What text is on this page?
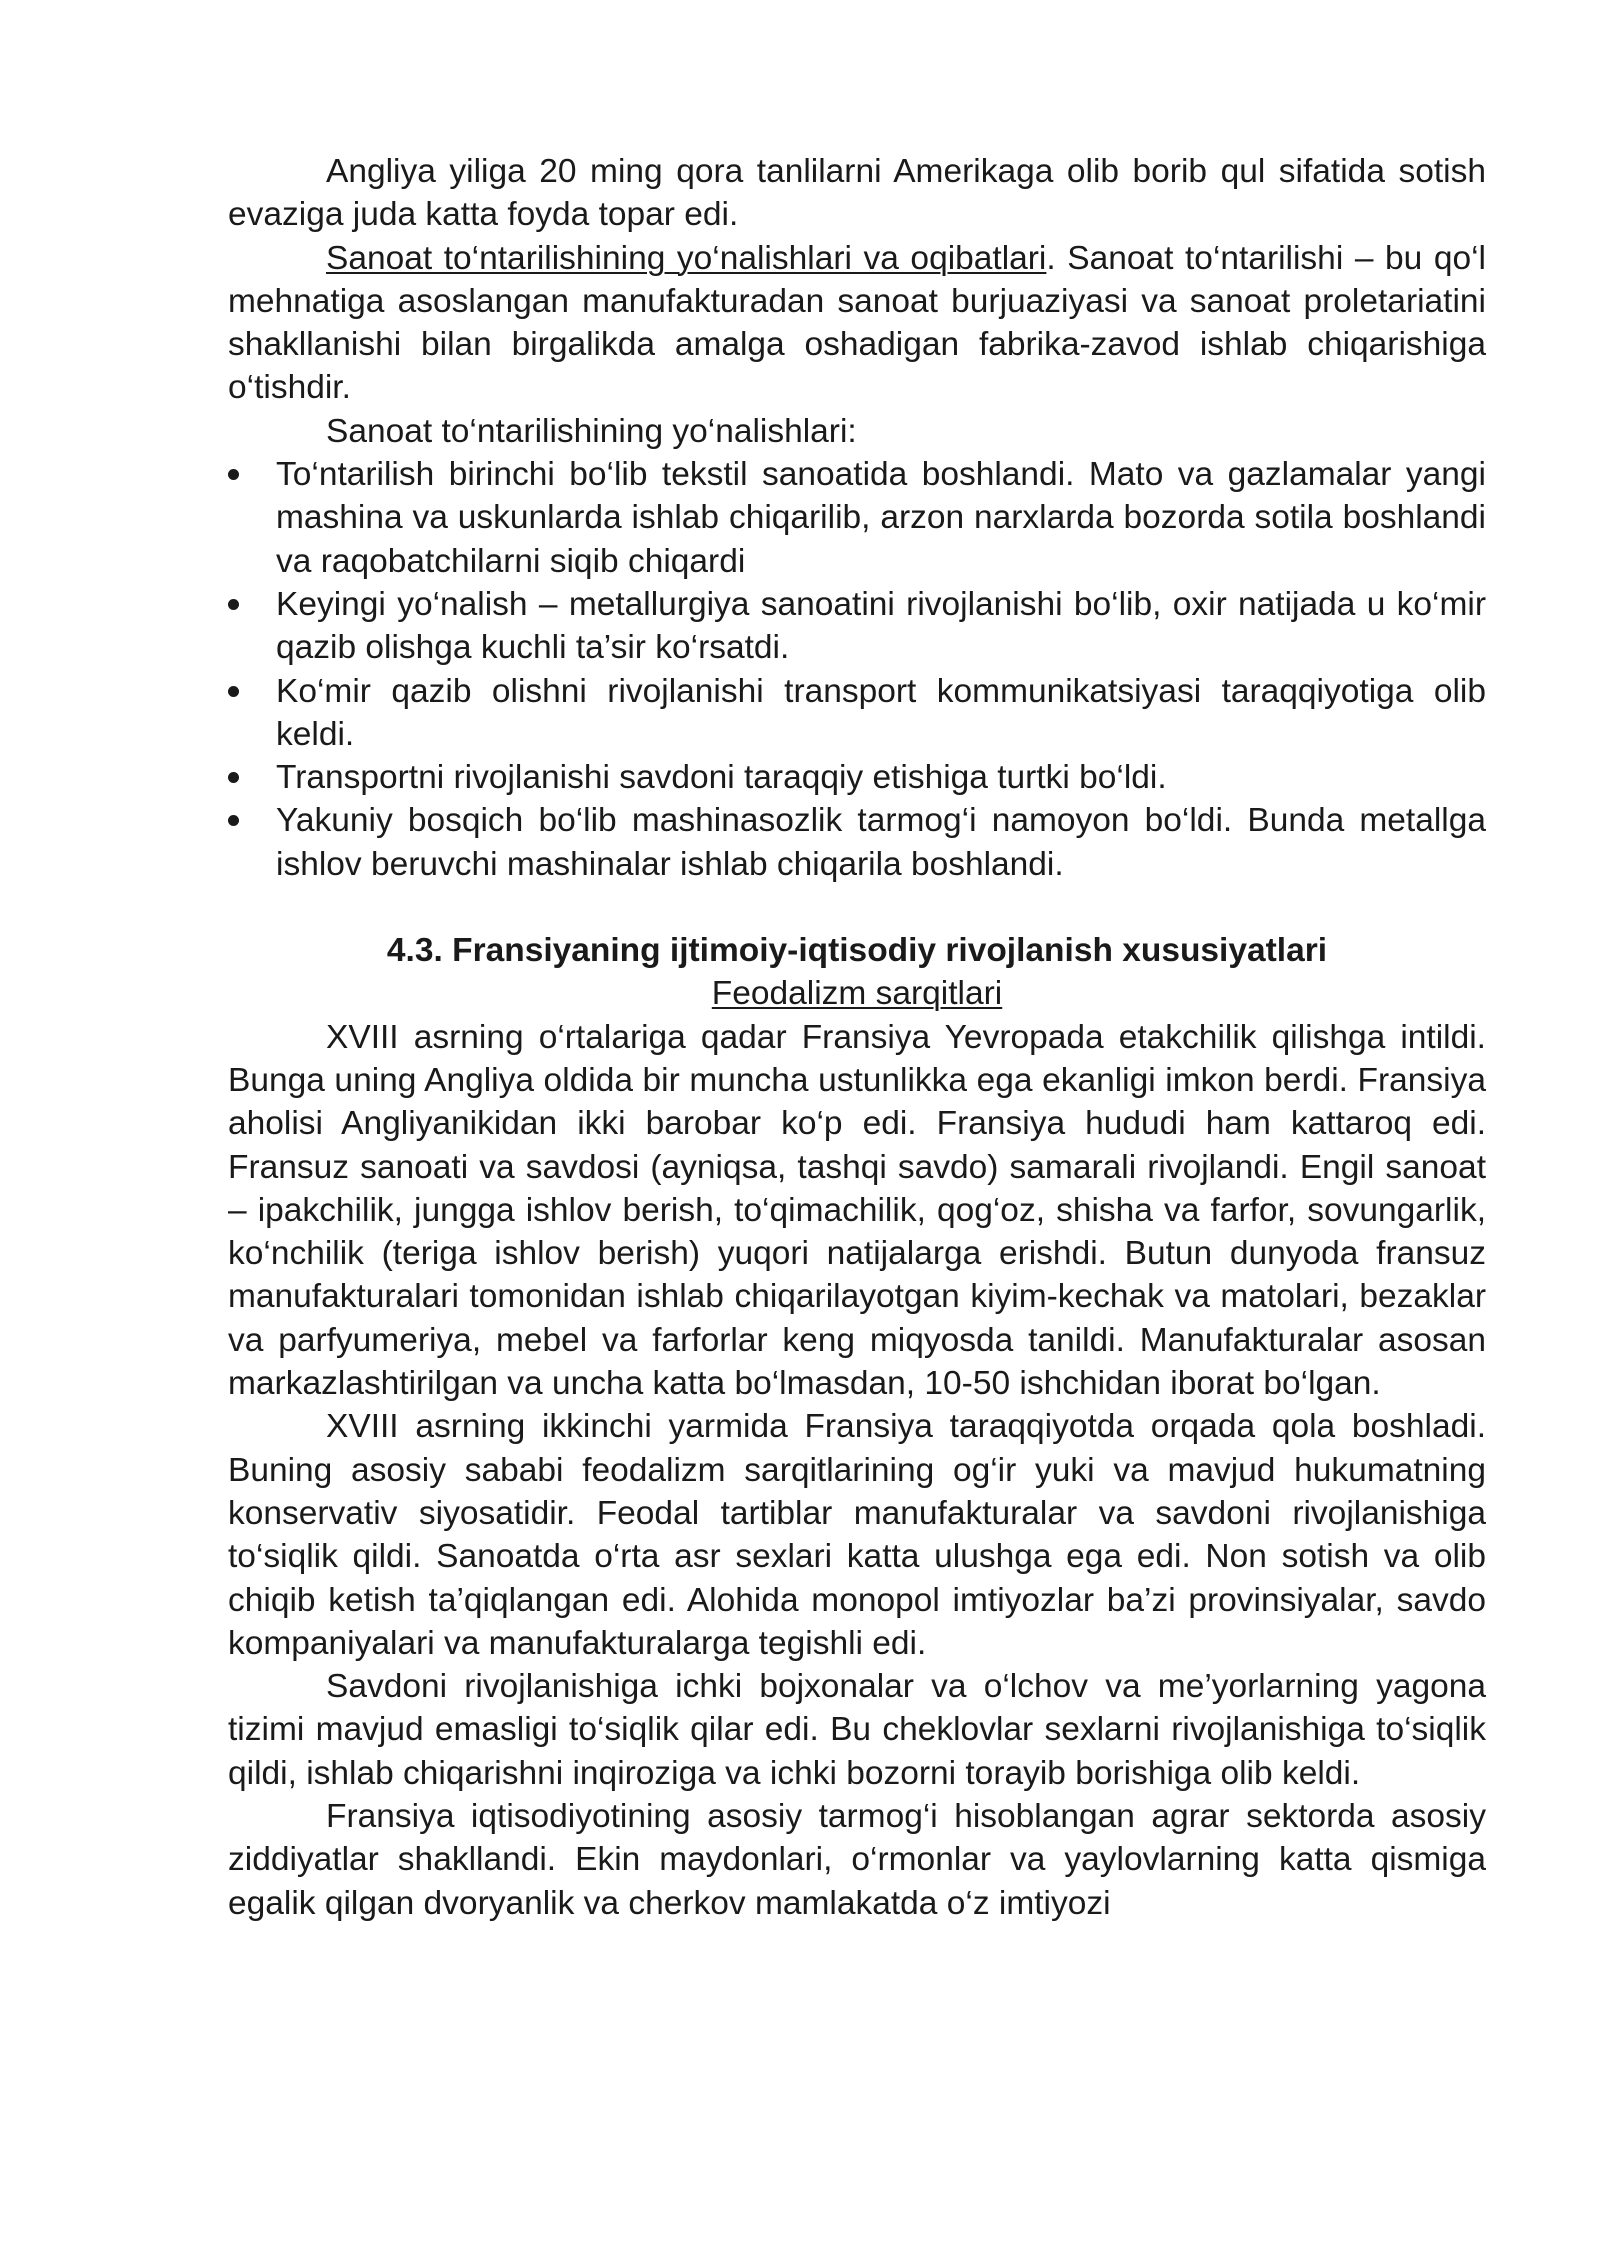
Angliya yiliga 20 ming qora tanlilarni Amerikaga olib borib qul sifatida sotish evaziga juda katta foyda topar edi.

Sanoat to‘ntarilishining yo‘nalishlari va oqibatlari. Sanoat to‘ntarilishi – bu qo‘l mehnatiga asoslangan manufakturadan sanoat burjuaziyasi va sanoat proletariatini shakllanishi bilan birgalikda amalga oshadigan fabrika-zavod ishlab chiqarishiga o‘tishdir.

Sanoat to‘ntarilishining yo‘nalishlari:

To‘ntarilish birinchi bo‘lib tekstil sanoatida boshlandi. Mato va gazlamalar yangi mashina va uskunlarda ishlab chiqarilib, arzon narxlarda bozorda sotila boshlandi va raqobatchilarni siqib chiqardi
Keyingi yo‘nalish – metallurgiya sanoatini rivojlanishi bo‘lib, oxir natijada u ko‘mir qazib olishga kuchli ta’sir ko‘rsatdi.
Ko‘mir qazib olishni rivojlanishi transport kommunikatsiyasi taraqqiyotiga olib keldi.
Transportni rivojlanishi savdoni taraqqiy etishiga turtki bo‘ldi.
Yakuniy bosqich bo‘lib mashinasozlik tarmog‘i namoyon bo‘ldi. Bunda metallga ishlov beruvchi mashinalar ishlab chiqarila boshlandi.
4.3. Fransiyaning ijtimoiy-iqtisodiy rivojlanish xususiyatlari
Feodalizm sarqitlari

XVIII asrning o‘rtalariga qadar Fransiya Yevropada etakchilik qilishga intildi. Bunga uning Angliya oldida bir muncha ustunlikka ega ekanligi imkon berdi. Fransiya aholisi Angliyanikidan ikki barobar ko‘p edi. Fransiya hududi ham kattaroq edi. Fransuz sanoati va savdosi (ayniqsa, tashqi savdo) samarali rivojlandi. Engil sanoat – ipakchilik, jungga ishlov berish, to‘qimachilik, qog‘oz, shisha va farfor, sovungarlik, ko‘nchilik (teriga ishlov berish) yuqori natijalarga erishdi. Butun dunyoda fransuz manufakturalari tomonidan ishlab chiqarilayotgan kiyim-kechak va matolari, bezaklar va parfyumeriya, mebel va farforlar keng miqyosda tanildi. Manufakturalar asosan markazlashtirilgan va uncha katta bo‘lmasdan, 10-50 ishchidan iborat bo‘lgan.

XVIII asrning ikkinchi yarmida Fransiya taraqqiyotda orqada qola boshladi. Buning asosiy sababi feodalizm sarqitlarining og‘ir yuki va mavjud hukumatning konservativ siyosatidir. Feodal tartiblar manufakturalar va savdoni rivojlanishiga to‘siqlik qildi. Sanoatda o‘rta asr sexlari katta ulushga ega edi. Non sotish va olib chiqib ketish ta’qiqlangan edi. Alohida monopol imtiyozlar ba’zi provinsiyalar, savdo kompaniyalari va manufakturalarga tegishli edi.

Savdoni rivojlanishiga ichki bojxonalar va o‘lchov va me’yorlarning yagona tizimi mavjud emasligi to‘siqlik qilar edi. Bu cheklovlar sexlarni rivojlanishiga to‘siqlik qildi, ishlab chiqarishni inqiroziga va ichki bozorni torayib borishiga olib keldi.

Fransiya iqtisodiyotining asosiy tarmog‘i hisoblangan agrar sektorda asosiy ziddiyatlar shakllandi. Ekin maydonlari, o‘rmonlar va yaylovlarning katta qismiga egalik qilgan dvoryanlik va cherkov mamlakatda o‘z imtiyozi
